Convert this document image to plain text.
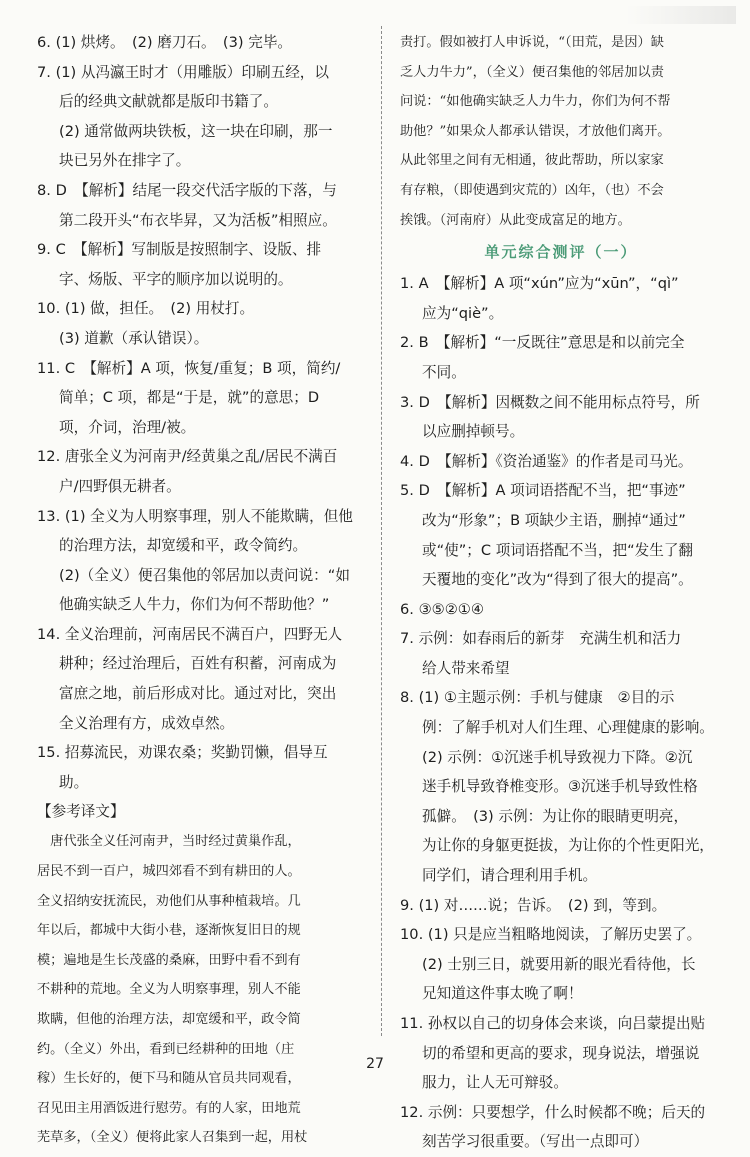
6. (1) 烘烤。　(2) 磨刀石。　(3) 完毕。
7. (1) 从冯瀛王时才（用雕版）印刷五经，以
后的经典文献就都是版印书籍了。
(2) 通常做两块铁板，这一块在印刷，那一
块已另外在排字了。
8. D　【解析】结尾一段交代活字版的下落，与
第二段开头“布衣毕昇，又为活板”相照应。
9. C　【解析】写制版是按照制字、设版、排
字、炀版、平字的顺序加以说明的。
10. (1) 做，担任。　(2) 用杖打。
(3) 道歉（承认错误）。
11. C　【解析】A 项，恢复/重复；B 项，简约/
简单；C 项，都是“于是，就”的意思；D
项，介词，治理/被。
12. 唐张全义为河南尹/经黄巢之乱/居民不满百
户/四野俱无耕者。
13. (1) 全义为人明察事理，别人不能欺瞒，但他
的治理方法，却宽缓和平，政令简约。
(2)（全义）便召集他的邻居加以责问说：“如
他确实缺乏人牛力，你们为何不帮助他？”
14. 全义治理前，河南居民不满百户，四野无人
耕种；经过治理后，百姓有积蓄，河南成为
富庶之地，前后形成对比。通过对比，突出
全义治理有方，成效卓然。
15. 招募流民，劝课农桑；奖勤罚懒，倡导互
助。
【参考译文】
　唐代张全义任河南尹，当时经过黄巢作乱，
居民不到一百户，城四郊看不到有耕田的人。
全义招纳安抚流民，劝他们从事种植栽培。几
年以后，都城中大街小巷，逐渐恢复旧日的规
模；遍地是生长茂盛的桑麻，田野中看不到有
不耕种的荒地。全义为人明察事理，别人不能
欺瞒，但他的治理方法，却宽缓和平，政令简
约。（全义）外出，看到已经耕种的田地（庄
稼）生长好的，便下马和随从官员共同观看，
召见田主用酒饭进行慰劳。有的人家，田地荒
芜草多，（全义）便将此家人召集到一起，用杖
责打。假如被打人申诉说，“（田荒，是因）缺
乏人力牛力”，（全义）便召集他的邻居加以责
问说：“如他确实缺乏人力牛力，你们为何不帮
助他？”如果众人都承认错误，才放他们离开。
从此邻里之间有无相通，彼此帮助，所以家家
有存粮，（即使遇到灾荒的）凶年，（也）不会
挨饿。（河南府）从此变成富足的地方。
单元综合测评（一）
1. A　【解析】A 项“xún”应为“xūn”，“qì”
应为“qiè”。
2. B　【解析】“一反既往”意思是和以前完全
不同。
3. D　【解析】因概数之间不能用标点符号，所
以应删掉顿号。
4. D　【解析】《资治通鉴》的作者是司马光。
5. D　【解析】A 项词语搭配不当，把“事迹”
改为“形象”；B 项缺少主语，删掉“通过”
或“使”；C 项词语搭配不当，把“发生了翻
天覆地的变化”改为“得到了很大的提高”。
6. ③⑤②①④
7. 示例：如春雨后的新芽　充满生机和活力
给人带来希望
8. (1) ①主题示例：手机与健康　②目的示
例：了解手机对人们生理、心理健康的影响。
(2) 示例：①沉迷手机导致视力下降。②沉
迷手机导致脊椎变形。③沉迷手机导致性格
孤僻。　(3) 示例：为让你的眼睛更明亮，
为让你的身躯更挺拔，为让你的个性更阳光，
同学们，请合理利用手机。
9. (1) 对……说；告诉。　(2) 到，等到。
10. (1) 只是应当粗略地阅读，了解历史罢了。
(2) 士别三日，就要用新的眼光看待他，长
兄知道这件事太晚了啊！
11. 孙权以自己的切身体会来谈，向吕蒙提出贴
切的希望和更高的要求，现身说法，增强说
服力，让人无可辩驳。
12. 示例：只要想学，什么时候都不晚；后天的
刻苦学习很重要。（写出一点即可）
27
